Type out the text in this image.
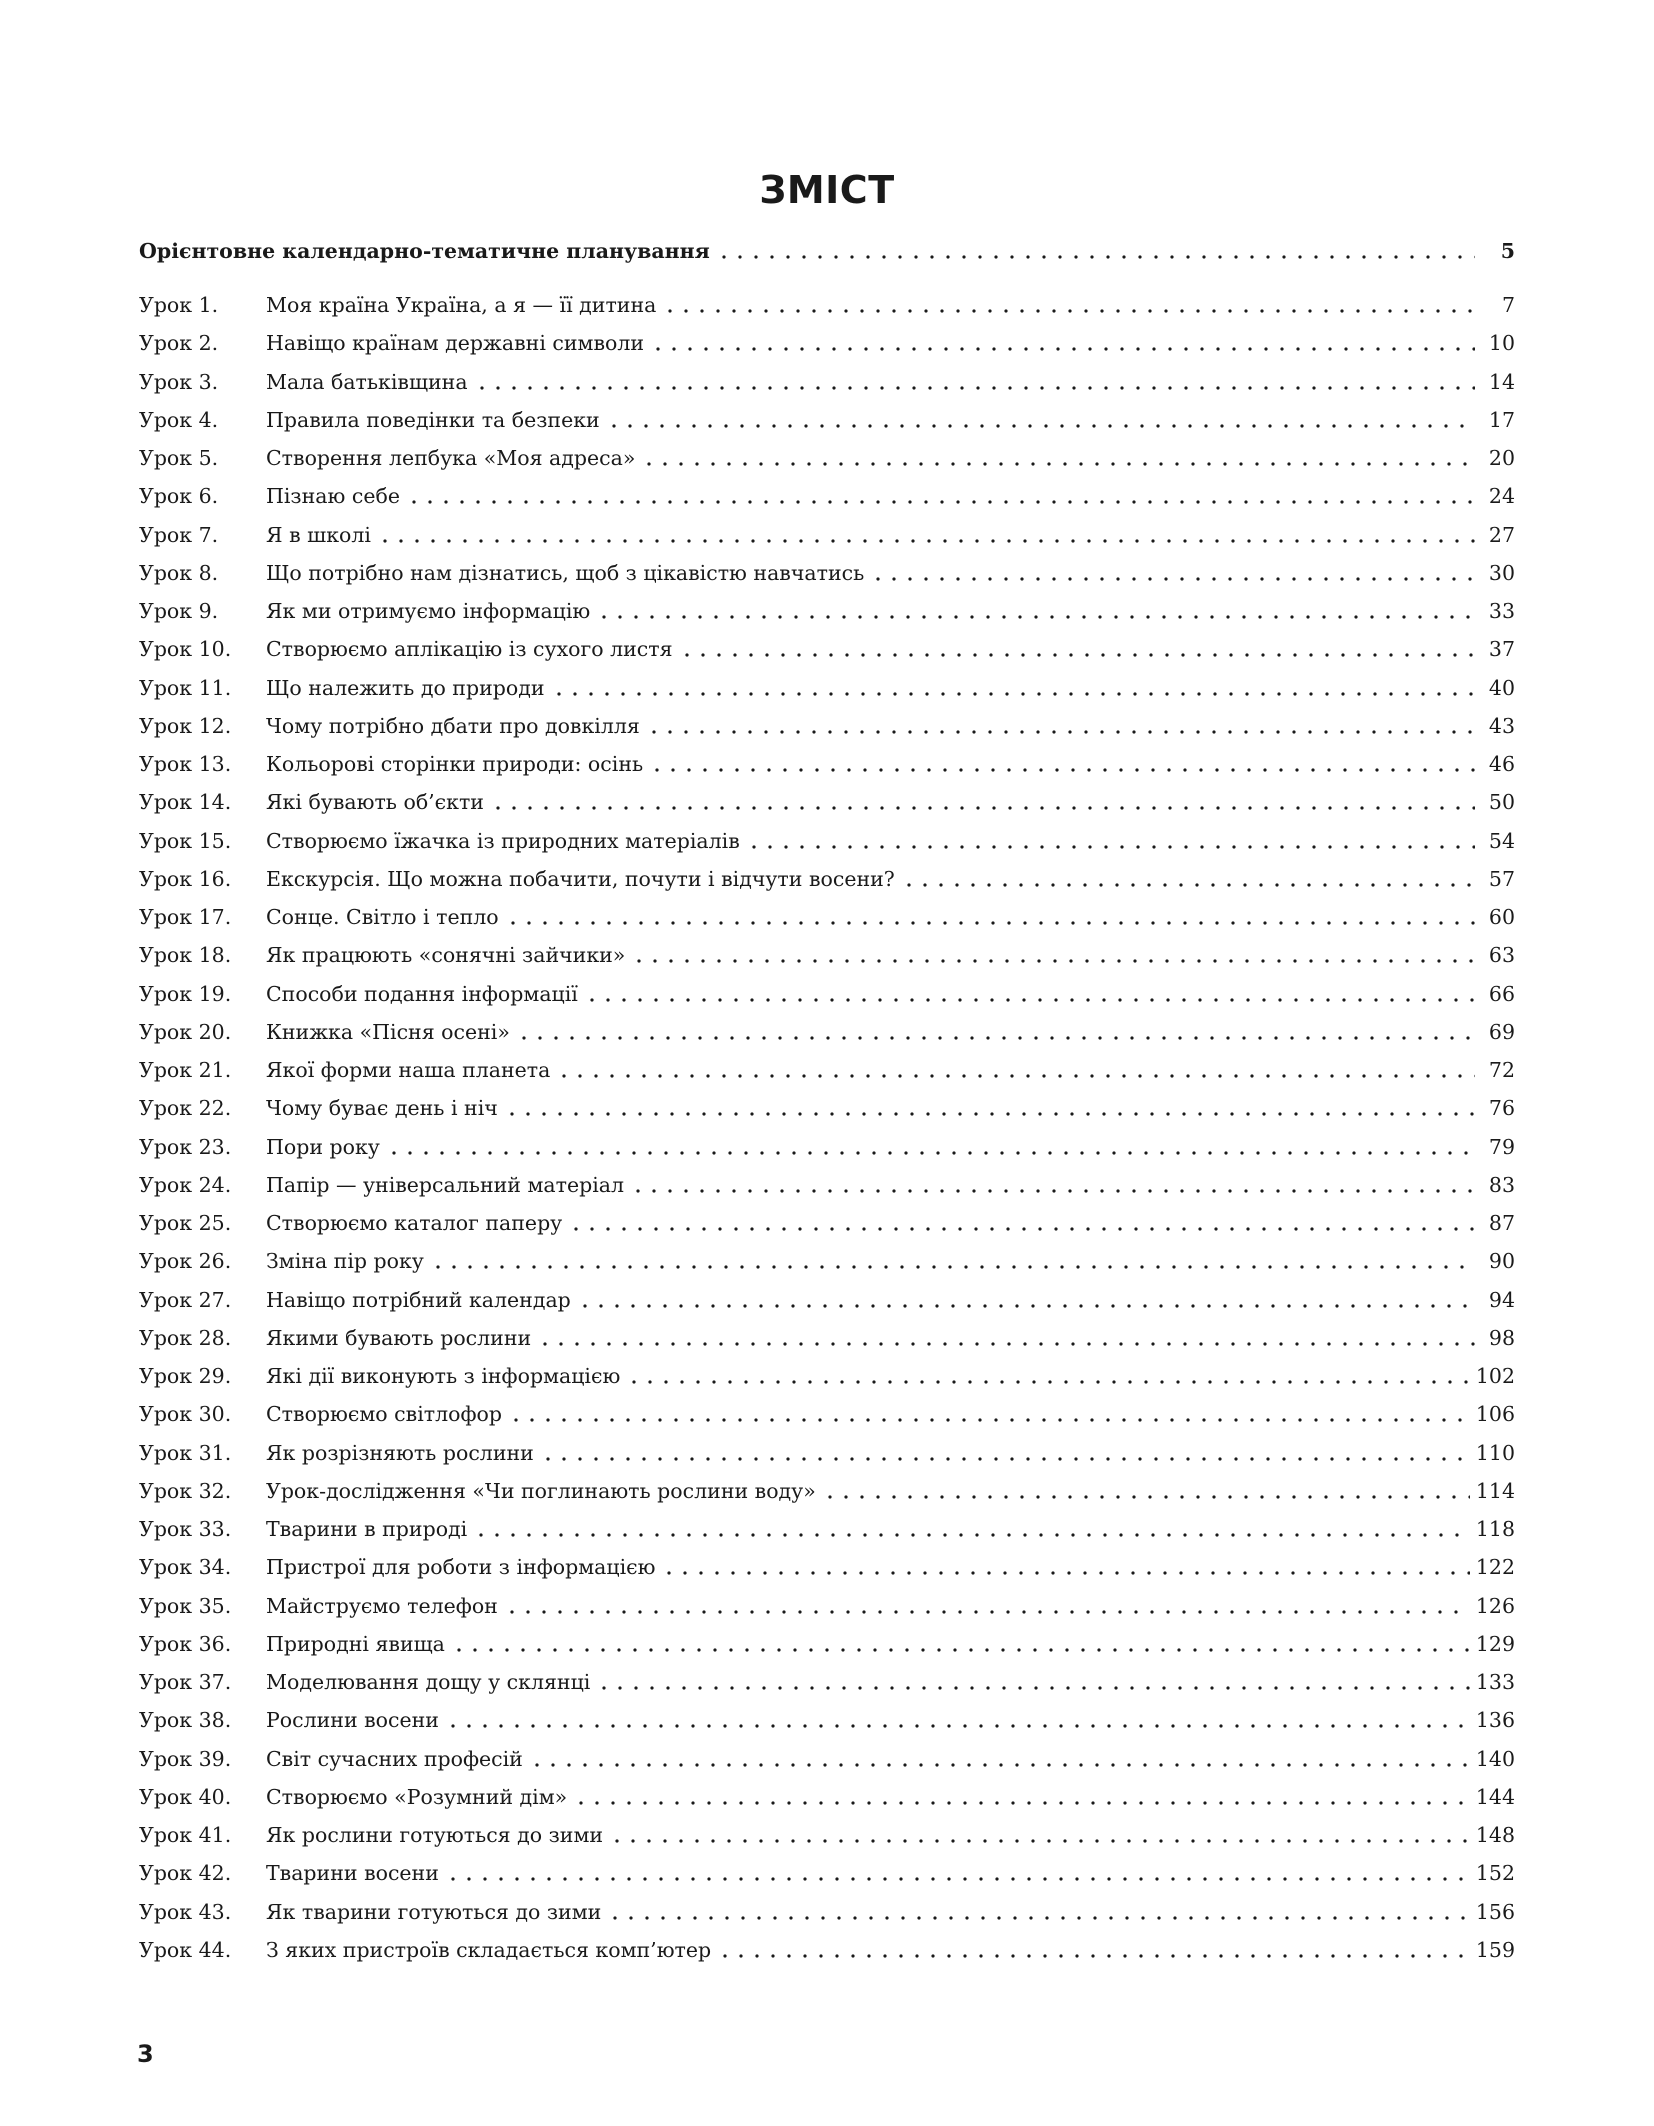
ЗМІСТ
Орієнтовне календарно-тематичне планування	5
Урок 1.	Моя країна Україна, а я — її дитина	7
Урок 2.	Навіщо країнам державні символи	10
Урок 3.	Мала батьківщина	14
Урок 4.	Правила поведінки та безпеки	17
Урок 5.	Створення лепбука «Моя адреса»	20
Урок 6.	Пізнаю себе	24
Урок 7.	Я в школі	27
Урок 8.	Що потрібно нам дізнатись, щоб з цікавістю навчатись	30
Урок 9.	Як ми отримуємо інформацію	33
Урок 10.	Створюємо аплікацію із сухого листя	37
Урок 11.	Що належить до природи	40
Урок 12.	Чому потрібно дбати про довкілля	43
Урок 13.	Кольорові сторінки природи: осінь	46
Урок 14.	Які бувають об’єкти	50
Урок 15.	Створюємо їжачка із природних матеріалів	54
Урок 16.	Екскурсія. Що можна побачити, почути і відчути восени?	57
Урок 17.	Сонце. Світло і тепло	60
Урок 18.	Як працюють «сонячні зайчики»	63
Урок 19.	Способи подання інформації	66
Урок 20.	Книжка «Пісня осені»	69
Урок 21.	Якої форми наша планета	72
Урок 22.	Чому буває день і ніч	76
Урок 23.	Пори року	79
Урок 24.	Папір — універсальний матеріал	83
Урок 25.	Створюємо каталог паперу	87
Урок 26.	Зміна пір року	90
Урок 27.	Навіщо потрібний календар	94
Урок 28.	Якими бувають рослини	98
Урок 29.	Які дії виконують з інформацією	102
Урок 30.	Створюємо світлофор	106
Урок 31.	Як розрізняють рослини	110
Урок 32.	Урок-дослідження «Чи поглинають рослини воду»	114
Урок 33.	Тварини в природі	118
Урок 34.	Пристрої для роботи з інформацією	122
Урок 35.	Майструємо телефон	126
Урок 36.	Природні явища	129
Урок 37.	Моделювання дощу у склянці	133
Урок 38.	Рослини восени	136
Урок 39.	Світ сучасних професій	140
Урок 40.	Створюємо «Розумний дім»	144
Урок 41.	Як рослини готуються до зими	148
Урок 42.	Тварини восени	152
Урок 43.	Як тварини готуються до зими	156
Урок 44.	З яких пристроїв складається комп’ютер	159
3
